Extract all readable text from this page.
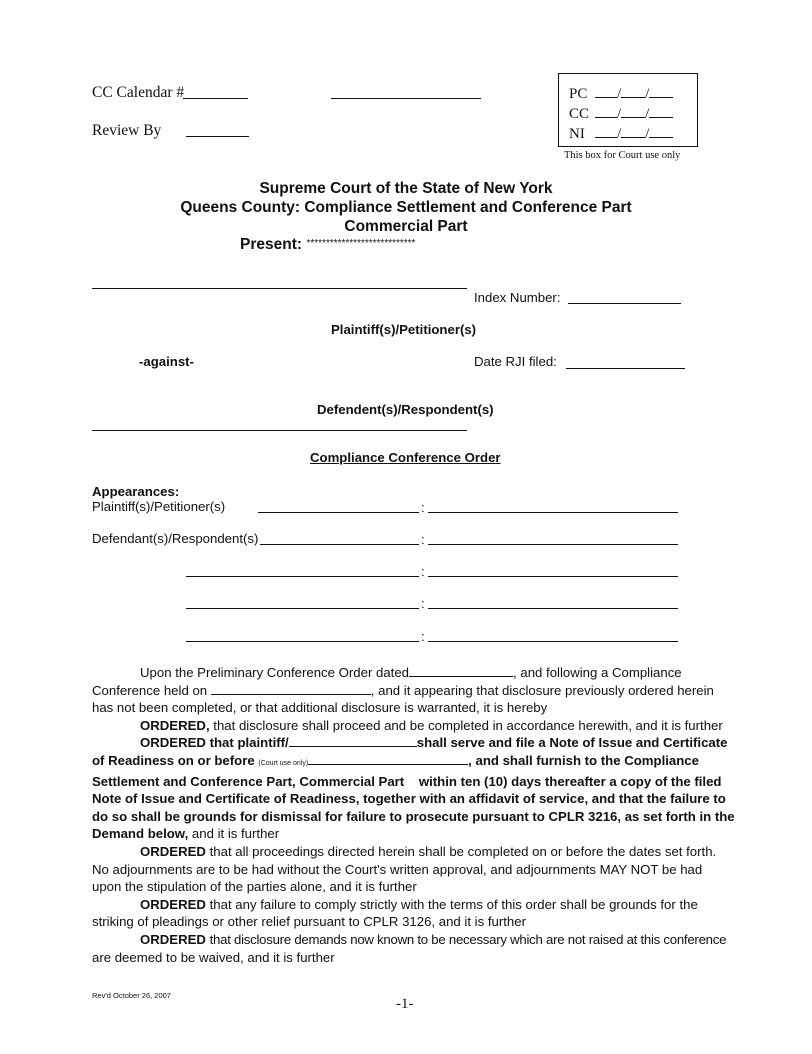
CC Calendar #
Review By
PC / /
CC / /
NI / /
This box for Court use only
Supreme Court of the State of New York
Queens County: Compliance Settlement and Conference Part
Commercial Part
Present: ****************************
Index Number:
Plaintiff(s)/Petitioner(s)
-against-	Date RJI filed:
Defendent(s)/Respondent(s)
Compliance Conference Order
Appearances:
Plaintiff(s)/Petitioner(s)	:
Defendant(s)/Respondent(s)	:
:
:
:
Upon the Preliminary Conference Order dated	, and following a Compliance
Conference held on	, and it appearing that disclosure previously ordered herein
has not been completed, or that additional disclosure is warranted, it is hereby
ORDERED, that disclosure shall proceed and be completed in accordance herewith, and it is further
ORDERED that plaintiff/	shall serve and file a Note of Issue and Certificate
of Readiness on or before (Court use only)	, and shall furnish to the Compliance
Settlement and Conference Part, Commercial Part    within ten (10) days thereafter a copy of the filed
Note of Issue and Certificate of Readiness, together with an affidavit of service, and that the failure to
do so shall be grounds for dismissal for failure to prosecute pursuant to CPLR 3216, as set forth in the
Demand below, and it is further
ORDERED that all proceedings directed herein shall be completed on or before the dates set forth.
No adjournments are to be had without the Court's written approval, and adjournments MAY NOT be had
upon the stipulation of the parties alone, and it is further
ORDERED that any failure to comply strictly with the terms of this order shall be grounds for the
striking of pleadings or other relief pursuant to CPLR 3126, and it is further
ORDERED that disclosure demands now known to be necessary which are not raised at this conference
are deemed to be waived, and it is further
Rev'd October 26, 2007
-1-
